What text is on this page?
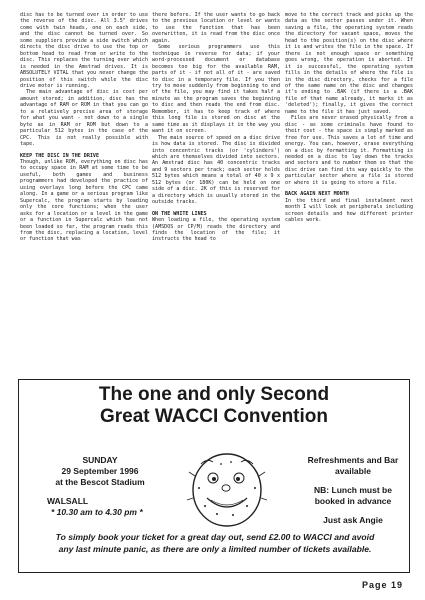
disc has to be turned over in order to use the reverse of the disc. All 3.5" drives come with twin heads, one on each side, and the disc cannot be turned over. So some suppliers provide a side switch which directs the disc drive to use the top or bottom head to read from or write to the disc. This replaces the turning over which is needed in the Amstrad drives. It is ABSOLUTELY VITAL that you never change the position of this switch while the disc drive motor is running.

The main advantage of disc is cost per amount stored; in addition, disc has the advantage of RAM or ROM in that you can go to a relatively precise area of storage for what you want - not down to a single byte as in RAM or ROM but down to a particular 512 bytes in the case of the CPC. This is not really possible with tape.

KEEP THE DISC IN THE DRIVE

Though, unlike ROM, everything on disc has to occupy space in RAM at some time to be useful, both games and business programmers had developed the practice of using overlays long before the CPC came along. In a game or a serious program like Supercalc, the program starts by loading only the core functions; when the user asks for a location or a level in the game or a function in Supercalc which has not been loaded so far, the program reads this from the disc, replacing a location, level or function that was

there before. If the user wants to go back to the previous location or level or wants to use the function that has been overwritten, it is read from the disc once again.

Some serious programmers use this technique in reverse for data; if your word-processed document or database becomes too big for the available RAM, parts of it - if not all of it - are saved to disc in a temporary file. If you then try to move suddenly from beginning to end of the file, you may find it takes half a minute as the program saves the beginning to disc and then reads the end from disc. Remember, it has to keep track of where this long file is stored on disc at the same time as it displays it in the way you want it on screen.

The main source of speed on a disc drive is how data is stored. The disc is divided into concentric tracks (or 'cylinders') which are themselves divided into sectors. An Amstrad disc has 40 concentric tracks and 9 sectors per track; each sector holds 512 bytes which means a total of 40 x 9 x 512 bytes (or 180K) can be held on one side of a disc. 2K of this is reserved for a directory which is usually stored in the outside tracks.

ON THE WHITE LINES

When loading a file, the operating system (AMSDOS or CP/M) reads the directory and finds the location of the file; it instructs the head to

move to the correct track and picks up the data as the sector passes under it. When saving a file, the operating system reads the directory for vacant space, moves the head to the position(s) on the disc where it is and writes the file in the space. If there is not enough space or something goes wrong, the operation is aborted. If it is successful, the operating system fills in the details of where the file is in the disc directory, checks for a file of the same name on the disc and changes it's ending to .BAK (if there is a .BAK file of that name already, it marks it as 'deleted'); finally, it gives the correct name to the file it has just saved.

Files are never erased physically from a disc - as some criminals have found to their cost - the space is simply marked as free for use. This saves a lot of time and energy. You can, however, erase everything on a disc by formatting it. Formatting is needed on a disc to lay down the tracks and sectors and to number them so that the disc drive can find its way quickly to the particular sector where a file is stored or where it is going to store a file.

BACK AGAIN NEXT MONTH

In the third and final instalment next month I will look at peripherals including screen details and how different printer cables work.

The one and only Second
Great WACCI Convention
SUNDAY
29 September 1996
at the Bescot Stadium
WALSALL
* 10.30 am to 4.30 pm *
Refreshments and Bar
available
NB: Lunch must be
booked in advance
Just ask Angie
To simply book your ticket for a great day out, send £2.00 to WACCI and avoid
any last minute panic, as there are only a limited number of tickets available.
Page 19
